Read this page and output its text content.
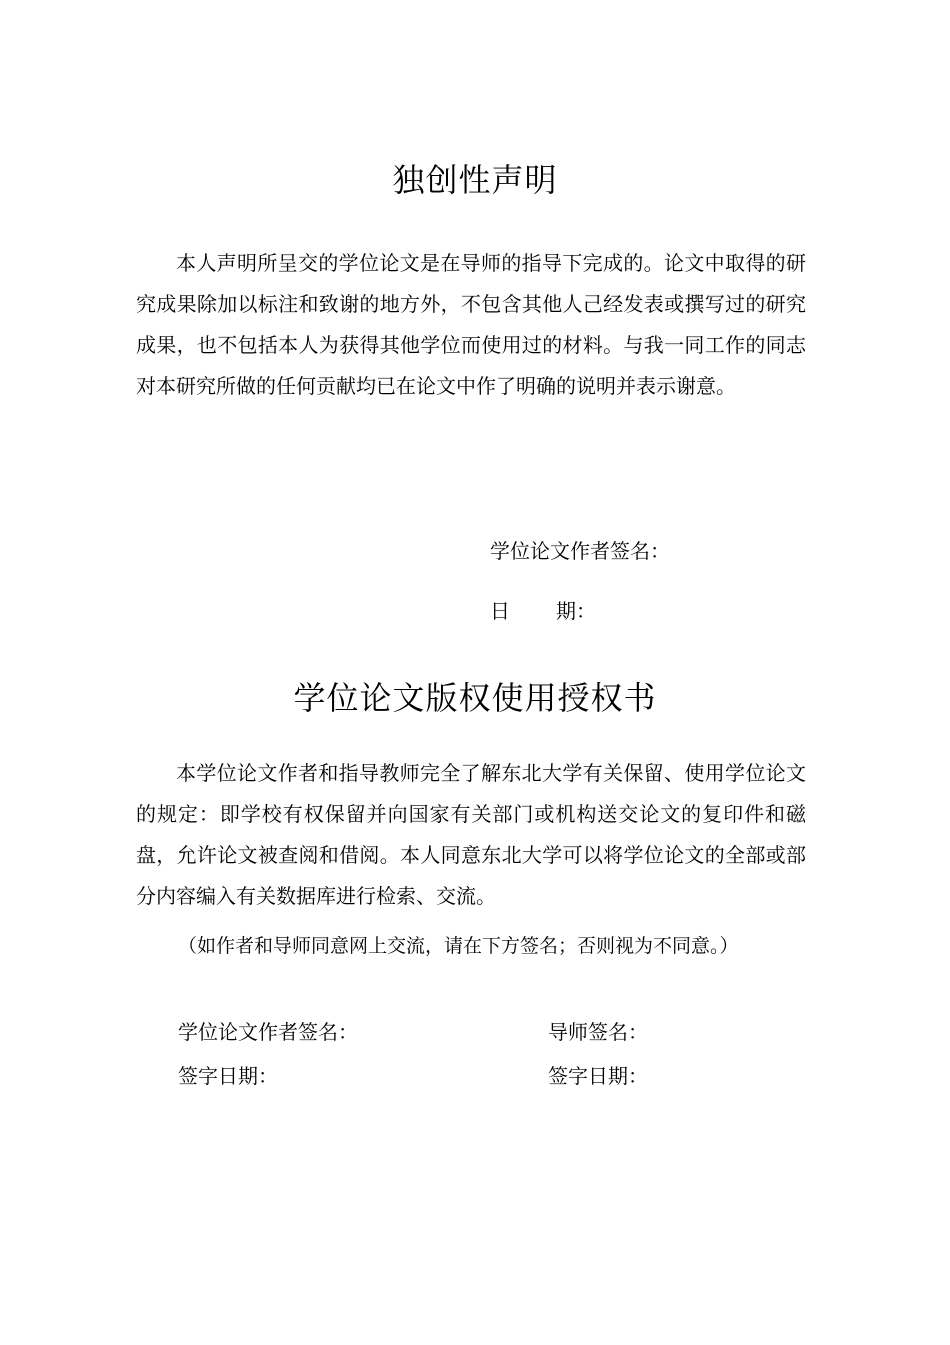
独创性声明

本人声明所呈交的学位论文是在导师的指导下完成的。论文中取得的研究成果除加以标注和致谢的地方外，不包含其他人己经发表或撰写过的研究成果，也不包括本人为获得其他学位而使用过的材料。与我一同工作的同志对本研究所做的任何贡献均已在论文中作了明确的说明并表示谢意。

学位论文作者签名：
日 期：
学位论文版权使用授权书

本学位论文作者和指导教师完全了解东北大学有关保留、使用学位论文的规定：即学校有权保留并向国家有关部门或机构送交论文的复印件和磁盘，允许论文被查阅和借阅。本人同意东北大学可以将学位论文的全部或部分内容编入有关数据库进行检索、交流。

（如作者和导师同意网上交流，请在下方签名；否则视为不同意。）
学位论文作者签名：	导师签名：
签字日期：	签字日期：
